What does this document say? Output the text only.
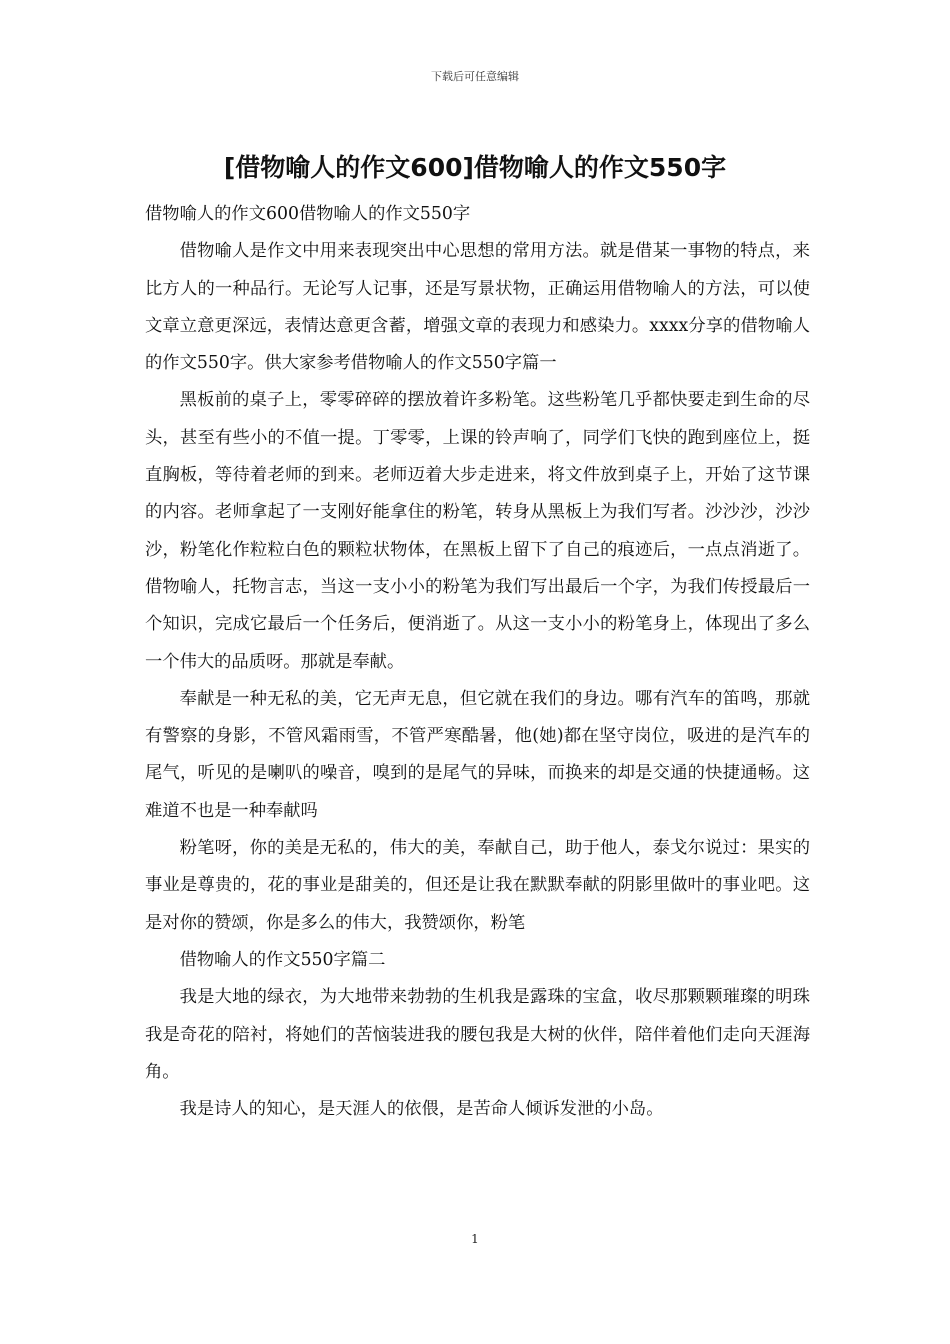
下载后可任意编辑
[借物喻人的作文600]借物喻人的作文550字

借物喻人的作文600借物喻人的作文550字

借物喻人是作文中用来表现突出中心思想的常用方法。就是借某一事物的特点，来比方人的一种品行。无论写人记事，还是写景状物，正确运用借物喻人的方法，可以使文章立意更深远，表情达意更含蓄，增强文章的表现力和感染力。xxxx分享的借物喻人的作文550字。供大家参考借物喻人的作文550字篇一

黑板前的桌子上，零零碎碎的摆放着许多粉笔。这些粉笔几乎都快要走到生命的尽头，甚至有些小的不值一提。丁零零，上课的铃声响了，同学们飞快的跑到座位上，挺直胸板，等待着老师的到来。老师迈着大步走进来，将文件放到桌子上，开始了这节课的内容。老师拿起了一支刚好能拿住的粉笔，转身从黑板上为我们写者。沙沙沙，沙沙沙，粉笔化作粒粒白色的颗粒状物体，在黑板上留下了自己的痕迹后，一点点消逝了。借物喻人，托物言志，当这一支小小的粉笔为我们写出最后一个字，为我们传授最后一个知识，完成它最后一个任务后，便消逝了。从这一支小小的粉笔身上，体现出了多么一个伟大的品质呀。那就是奉献。

奉献是一种无私的美，它无声无息，但它就在我们的身边。哪有汽车的笛鸣，那就有警察的身影，不管风霜雨雪，不管严寒酷暑，他(她)都在坚守岗位，吸进的是汽车的尾气，听见的是喇叭的噪音，嗅到的是尾气的异味，而换来的却是交通的快捷通畅。这难道不也是一种奉献吗

粉笔呀，你的美是无私的，伟大的美，奉献自己，助于他人，泰戈尔说过：果实的事业是尊贵的，花的事业是甜美的，但还是让我在默默奉献的阴影里做叶的事业吧。这是对你的赞颂，你是多么的伟大，我赞颂你，粉笔

借物喻人的作文550字篇二

我是大地的绿衣，为大地带来勃勃的生机我是露珠的宝盒，收尽那颗颗璀璨的明珠我是奇花的陪衬，将她们的苦恼装进我的腰包我是大树的伙伴，陪伴着他们走向天涯海角。

我是诗人的知心，是天涯人的依偎，是苦命人倾诉发泄的小岛。

1
